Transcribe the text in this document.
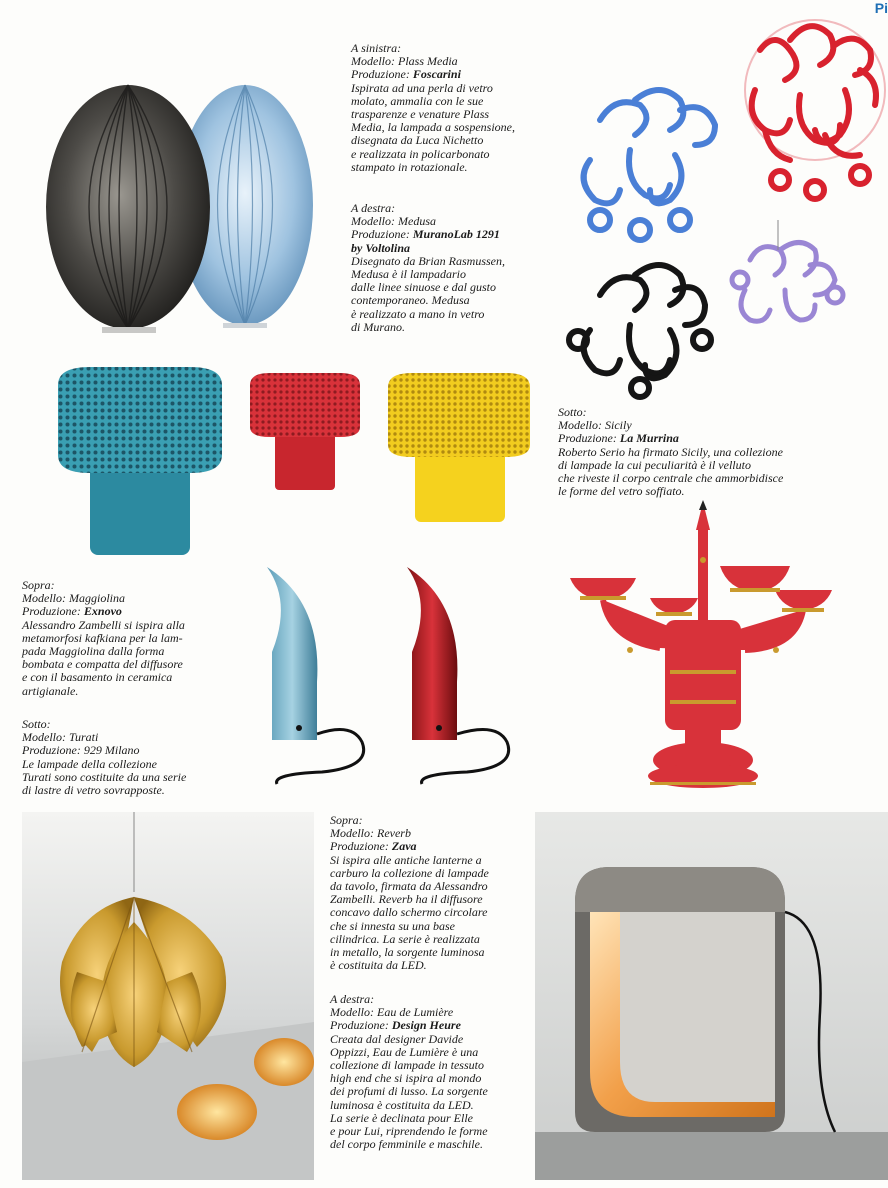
Pi
A sinistra:
Modello: Plass Media
Produzione: Foscarini
Ispirata ad una perla di vetro
molato, ammalia con le sue
trasparenze e venature Plass
Media, la lampada a sospensione,
disegnata da Luca Nichetto
e realizzata in policarbonato
stampato in rotazionale.
A destra:
Modello: Medusa
Produzione: MuranoLab 1291
by Voltolina
Disegnato da Brian Rasmussen,
Medusa è il lampadario
dalle linee sinuose e dal gusto
contemporaneo. Medusa
è realizzato a mano in vetro
di Murano.
Sotto:
Modello: Sicily
Produzione: La Murrina
Roberto Serio ha firmato Sicily, una collezione
di lampade la cui peculiarità è il velluto
che riveste il corpo centrale che ammorbidisce
le forme del vetro soffiato.
Sopra:
Modello: Maggiolina
Produzione: Exnovo
Alessandro Zambelli si ispira alla
metamorfosi kafkiana per la lam-
pada Maggiolina dalla forma
bombata e compatta del diffusore
e con il basamento in ceramica
artigianale.
Sotto:
Modello: Turati
Produzione: 929 Milano
Le lampade della collezione
Turati sono costituite da una serie
di lastre di vetro sovrapposte.
Sopra:
Modello: Reverb
Produzione: Zava
Si ispira alle antiche lanterne a
carburo la collezione di lampade
da tavolo, firmata da Alessandro
Zambelli. Reverb ha il diffusore
concavo dallo schermo circolare
che si innesta su una base
cilindrica. La serie è realizzata
in metallo, la sorgente luminosa
è costituita da LED.
A destra:
Modello: Eau de Lumière
Produzione: Design Heure
Creata dal designer Davide
Oppizzi, Eau de Lumière è una
collezione di lampade in tessuto
high end che si ispira al mondo
dei profumi di lusso. La sorgente
luminosa è costituita da LED.
La serie è declinata pour Elle
e pour Lui, riprendendo le forme
del corpo femminile e maschile.
